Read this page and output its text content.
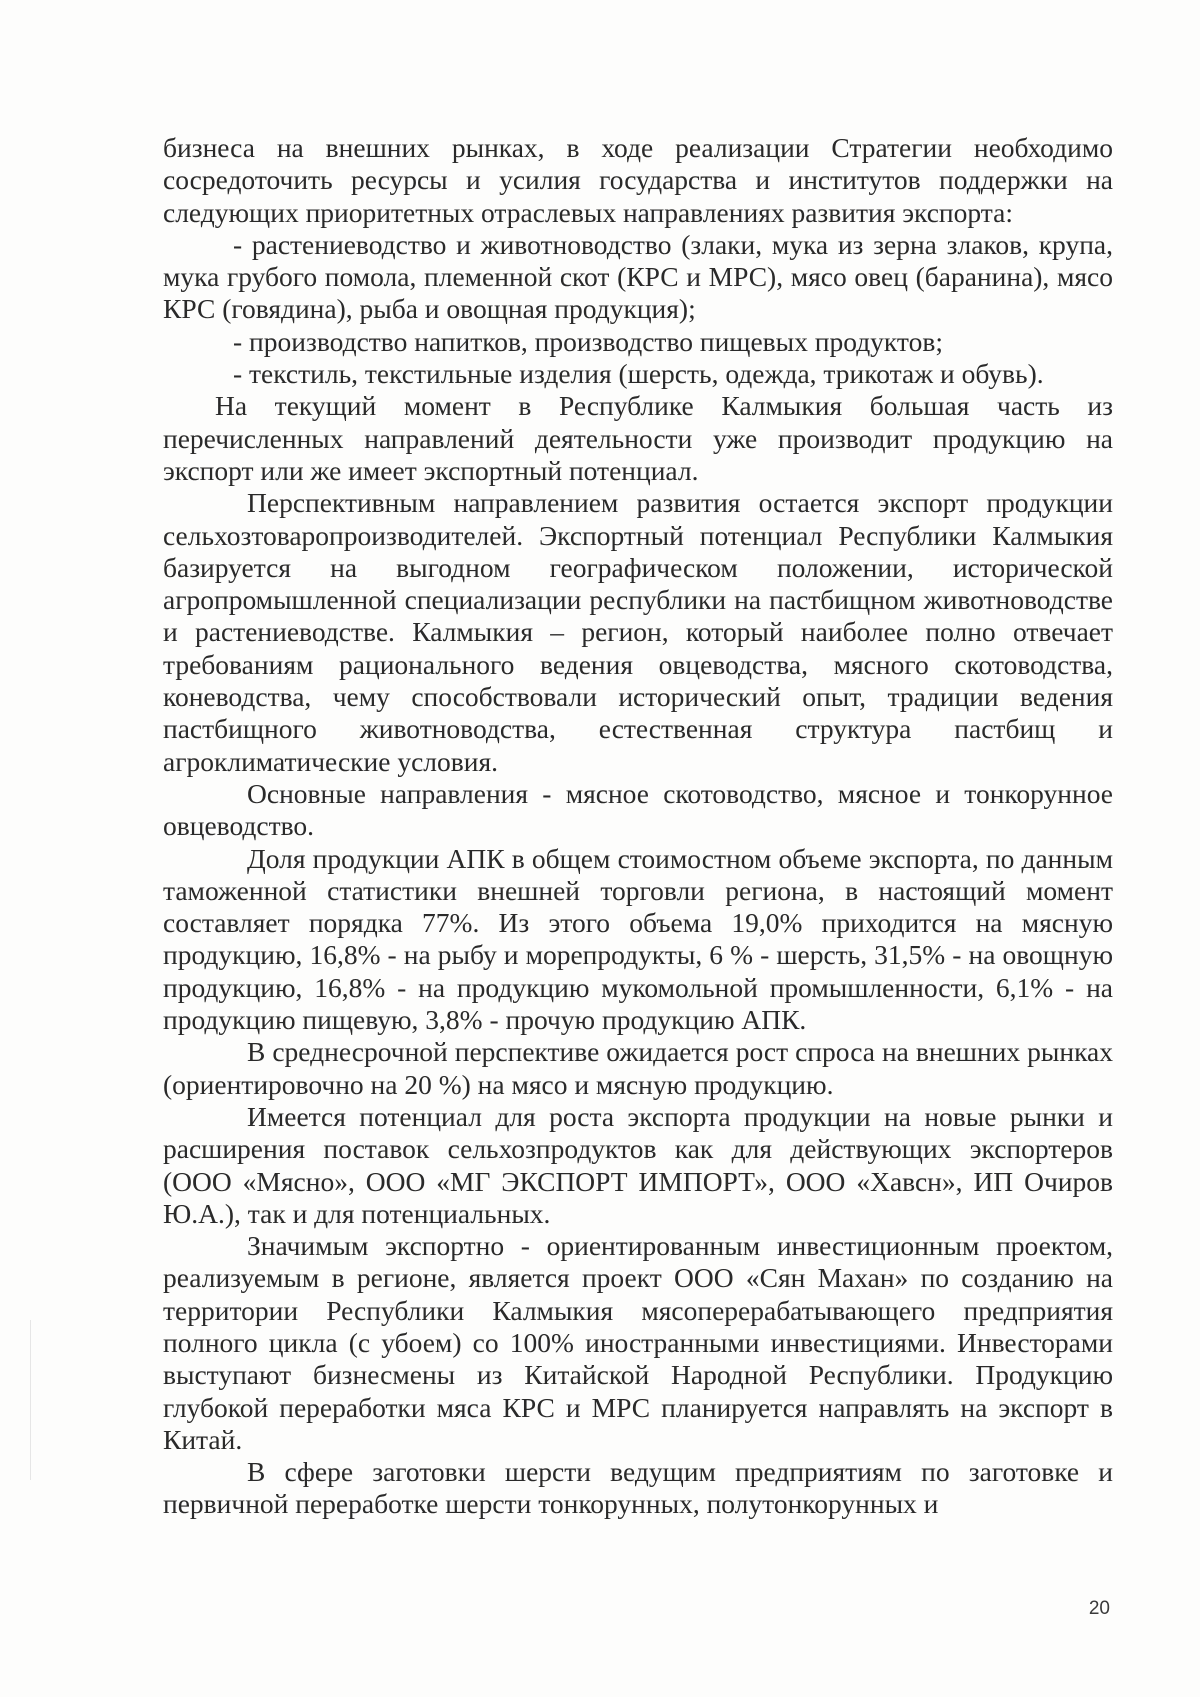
бизнеса на внешних рынках, в ходе реализации Стратегии необходимо сосредоточить ресурсы и усилия государства и институтов поддержки на следующих приоритетных отраслевых направлениях развития экспорта:

- растениеводство и животноводство (злаки, мука из зерна злаков, крупа, мука грубого помола, племенной скот (КРС и МРС), мясо овец (баранина), мясо КРС (говядина), рыба и овощная продукция);

- производство напитков, производство пищевых продуктов;

- текстиль, текстильные изделия (шерсть, одежда, трикотаж и обувь).

На текущий момент в Республике Калмыкия большая часть из перечисленных направлений деятельности уже производит продукцию на экспорт или же имеет экспортный потенциал.

Перспективным направлением развития остается экспорт продукции сельхозтоваропроизводителей. Экспортный потенциал Республики Калмыкия базируется на выгодном географическом положении, исторической агропромышленной специализации республики на пастбищном животноводстве и растениеводстве. Калмыкия – регион, который наиболее полно отвечает требованиям рационального ведения овцеводства, мясного скотоводства, коневодства, чему способствовали исторический опыт, традиции ведения пастбищного животноводства, естественная структура пастбищ и агроклиматические условия.

Основные направления - мясное скотоводство, мясное и тонкорунное овцеводство.

Доля продукции АПК в общем стоимостном объеме экспорта, по данным таможенной статистики внешней торговли региона, в настоящий момент составляет порядка 77%. Из этого объема 19,0% приходится на мясную продукцию, 16,8% - на рыбу и морепродукты, 6 % - шерсть, 31,5% - на овощную продукцию, 16,8% - на продукцию мукомольной промышленности, 6,1% - на продукцию пищевую, 3,8% - прочую продукцию АПК.

В среднесрочной перспективе ожидается рост спроса на внешних рынках (ориентировочно на 20 %) на мясо и мясную продукцию.

Имеется потенциал для роста экспорта продукции на новые рынки и расширения поставок сельхозпродуктов как для действующих экспортеров (ООО «Мясно», ООО «МГ ЭКСПОРТ ИМПОРТ», ООО «Хавсн», ИП Очиров Ю.А.), так и для потенциальных.

Значимым экспортно - ориентированным инвестиционным проектом, реализуемым в регионе, является проект ООО «Сян Махан» по созданию на территории Республики Калмыкия мясоперерабатывающего предприятия полного цикла (с убоем) со 100% иностранными инвестициями. Инвесторами выступают бизнесмены из Китайской Народной Республики. Продукцию глубокой переработки мяса КРС и МРС планируется направлять на экспорт в Китай.

В сфере заготовки шерсти ведущим предприятиям по заготовке и первичной переработке шерсти тонкорунных, полутонкорунных и

20
